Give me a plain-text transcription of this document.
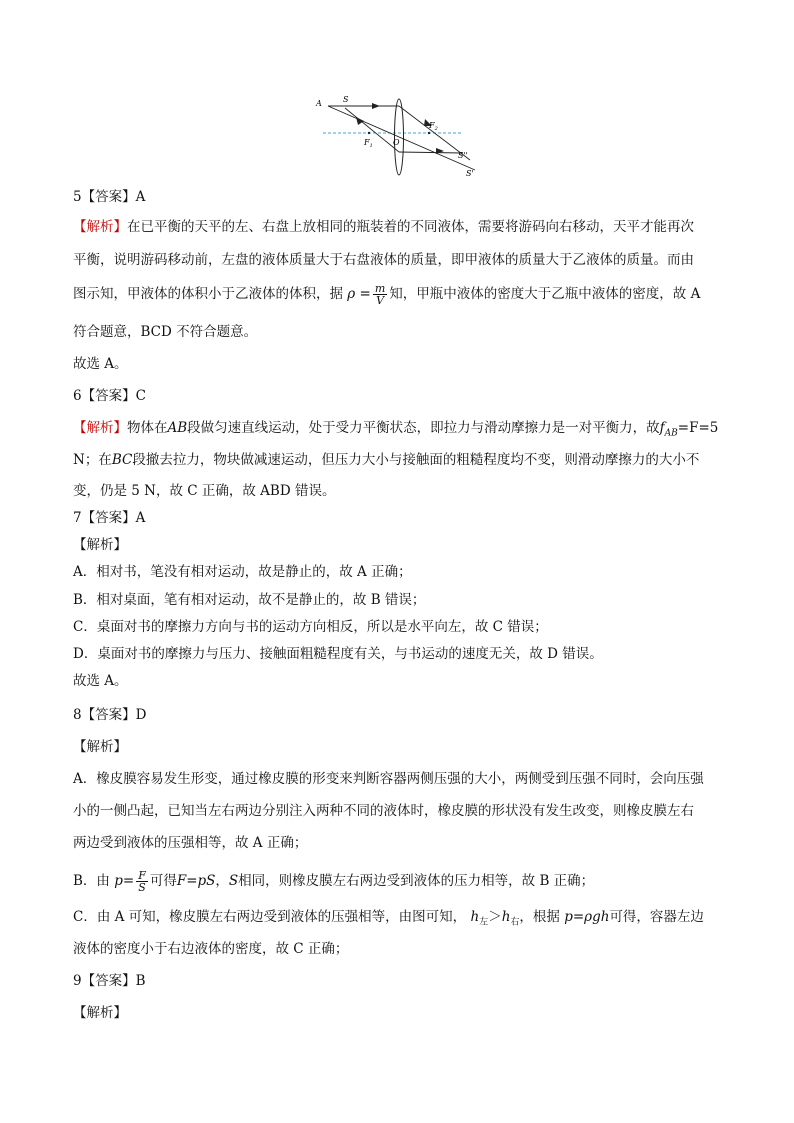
A	S
$F_1$	O
$F_2$
S''
S'
5【答案】A
【解析】在已平衡的天平的左、右盘上放相同的瓶装着的不同液体，需要将游码向右移动，天平才能再次
平衡，说明游码移动前，左盘的液体质量大于右盘液体的质量，即甲液体的质量大于乙液体的质量。而由
图示知，甲液体的体积小于乙液体的体积，据 $\rho = \frac{m}{V}$ 知，甲瓶中液体的密度大于乙瓶中液体的密度，故 A
符合题意，BCD 不符合题意。
故选 A。
6【答案】C
【解析】物体在AB段做匀速直线运动，处于受力平衡状态，即拉力与滑动摩擦力是一对平衡力，故$f_{AB}=F=5$
N；在BC段撤去拉力，物块做减速运动，但压力大小与接触面的粗糙程度均不变，则滑动摩擦力的大小不
变，仍是 5 N，故 C 正确，故 ABD 错误。
7【答案】A
【解析】
A．相对书，笔没有相对运动，故是静止的，故 A 正确；
B．相对桌面，笔有相对运动，故不是静止的，故 B 错误；
C．桌面对书的摩擦力方向与书的运动方向相反，所以是水平向左，故 C 错误；
D．桌面对书的摩擦力与压力、接触面粗糙程度有关，与书运动的速度无关，故 D 错误。
故选 A。
8【答案】D
【解析】
A．橡皮膜容易发生形变，通过橡皮膜的形变来判断容器两侧压强的大小，两侧受到压强不同时，会向压强
小的一侧凸起，已知当左右两边分别注入两种不同的液体时，橡皮膜的形状没有发生改变，则橡皮膜左右
两边受到液体的压强相等，故 A 正确；
B．由 $p= \frac{F}{S}$ 可得F=pS，S相同，则橡皮膜左右两边受到液体的压力相等，故 B 正确；
C．由 A 可知，橡皮膜左右两边受到液体的压强相等，由图可知， $h_左>h_右$，根据 p=ρgh可得，容器左边
液体的密度小于右边液体的密度，故 C 正确；
9【答案】B
【解析】
